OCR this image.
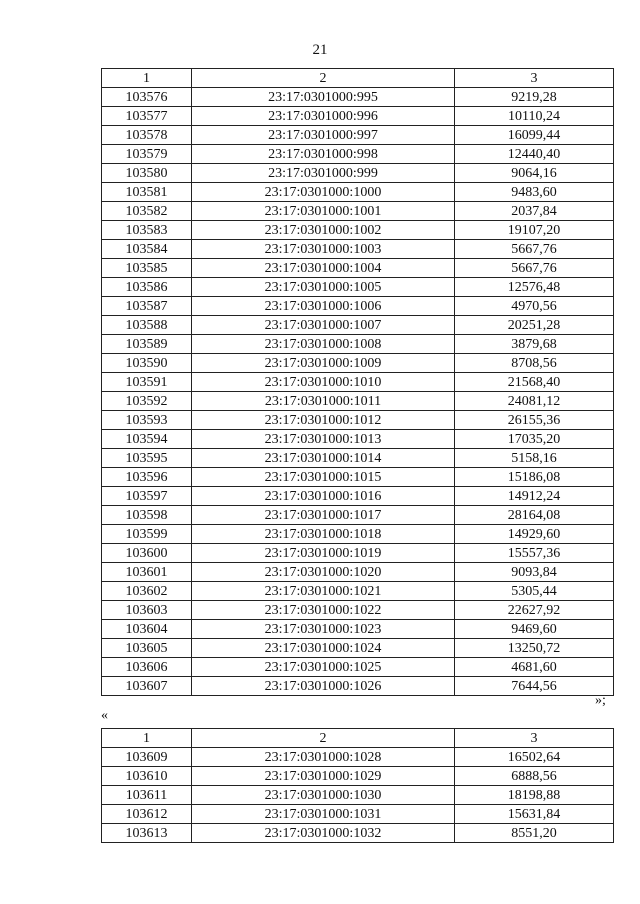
21
1	2	3
103576	23:17:0301000:995	9219,28
103577	23:17:0301000:996	10110,24
103578	23:17:0301000:997	16099,44
103579	23:17:0301000:998	12440,40
103580	23:17:0301000:999	9064,16
103581	23:17:0301000:1000	9483,60
103582	23:17:0301000:1001	2037,84
103583	23:17:0301000:1002	19107,20
103584	23:17:0301000:1003	5667,76
103585	23:17:0301000:1004	5667,76
103586	23:17:0301000:1005	12576,48
103587	23:17:0301000:1006	4970,56
103588	23:17:0301000:1007	20251,28
103589	23:17:0301000:1008	3879,68
103590	23:17:0301000:1009	8708,56
103591	23:17:0301000:1010	21568,40
103592	23:17:0301000:1011	24081,12
103593	23:17:0301000:1012	26155,36
103594	23:17:0301000:1013	17035,20
103595	23:17:0301000:1014	5158,16
103596	23:17:0301000:1015	15186,08
103597	23:17:0301000:1016	14912,24
103598	23:17:0301000:1017	28164,08
103599	23:17:0301000:1018	14929,60
103600	23:17:0301000:1019	15557,36
103601	23:17:0301000:1020	9093,84
103602	23:17:0301000:1021	5305,44
103603	23:17:0301000:1022	22627,92
103604	23:17:0301000:1023	9469,60
103605	23:17:0301000:1024	13250,72
103606	23:17:0301000:1025	4681,60
103607	23:17:0301000:1026	7644,56
»;
«
1	2	3
103609	23:17:0301000:1028	16502,64
103610	23:17:0301000:1029	6888,56
103611	23:17:0301000:1030	18198,88
103612	23:17:0301000:1031	15631,84
103613	23:17:0301000:1032	8551,20
